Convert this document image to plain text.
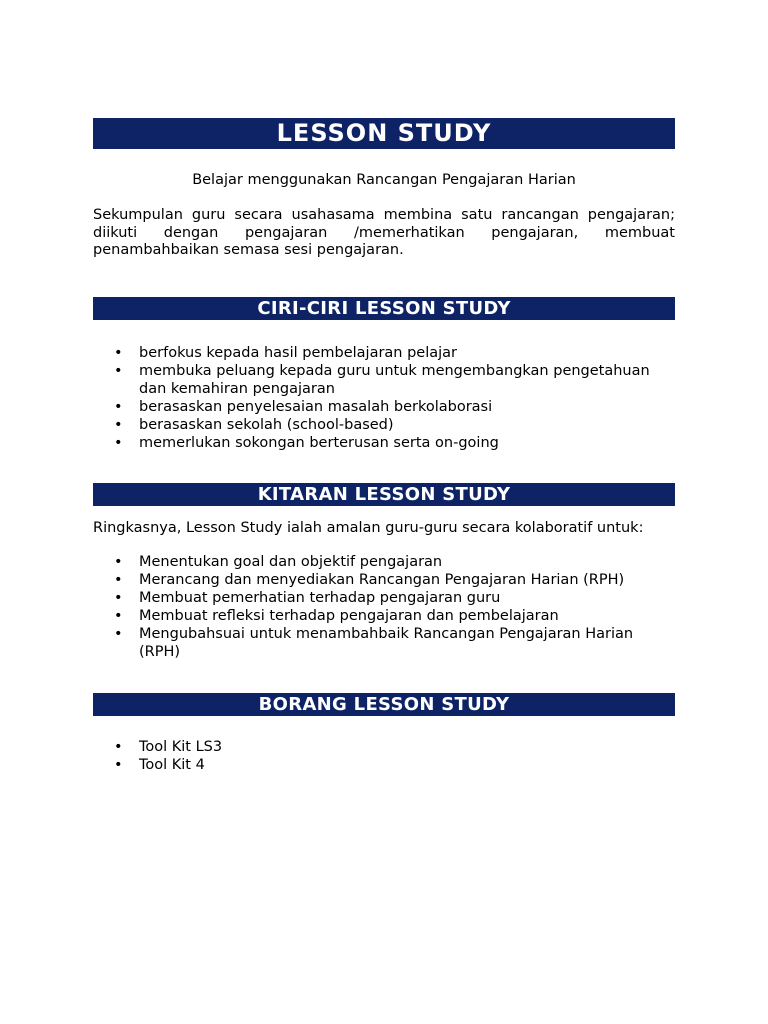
LESSON STUDY
Belajar menggunakan Rancangan Pengajaran Harian
Sekumpulan guru secara usahasama membina satu rancangan pengajaran; diikuti dengan pengajaran /memerhatikan pengajaran, membuat penambahbaikan semasa sesi pengajaran.
CIRI-CIRI LESSON STUDY
• berfokus kepada hasil pembelajaran pelajar
• membuka peluang kepada guru untuk mengembangkan pengetahuan dan kemahiran pengajaran
• berasaskan penyelesaian masalah berkolaborasi
• berasaskan sekolah (school-based)
• memerlukan sokongan berterusan serta on-going
KITARAN LESSON STUDY
Ringkasnya, Lesson Study ialah amalan guru-guru secara kolaboratif untuk:
• Menentukan goal dan objektif pengajaran
• Merancang dan menyediakan Rancangan Pengajaran Harian (RPH)
• Membuat pemerhatian terhadap pengajaran guru
• Membuat refleksi terhadap pengajaran dan pembelajaran
• Mengubahsuai untuk menambahbaik Rancangan Pengajaran Harian (RPH)
BORANG LESSON STUDY
• Tool Kit LS3
• Tool Kit 4
